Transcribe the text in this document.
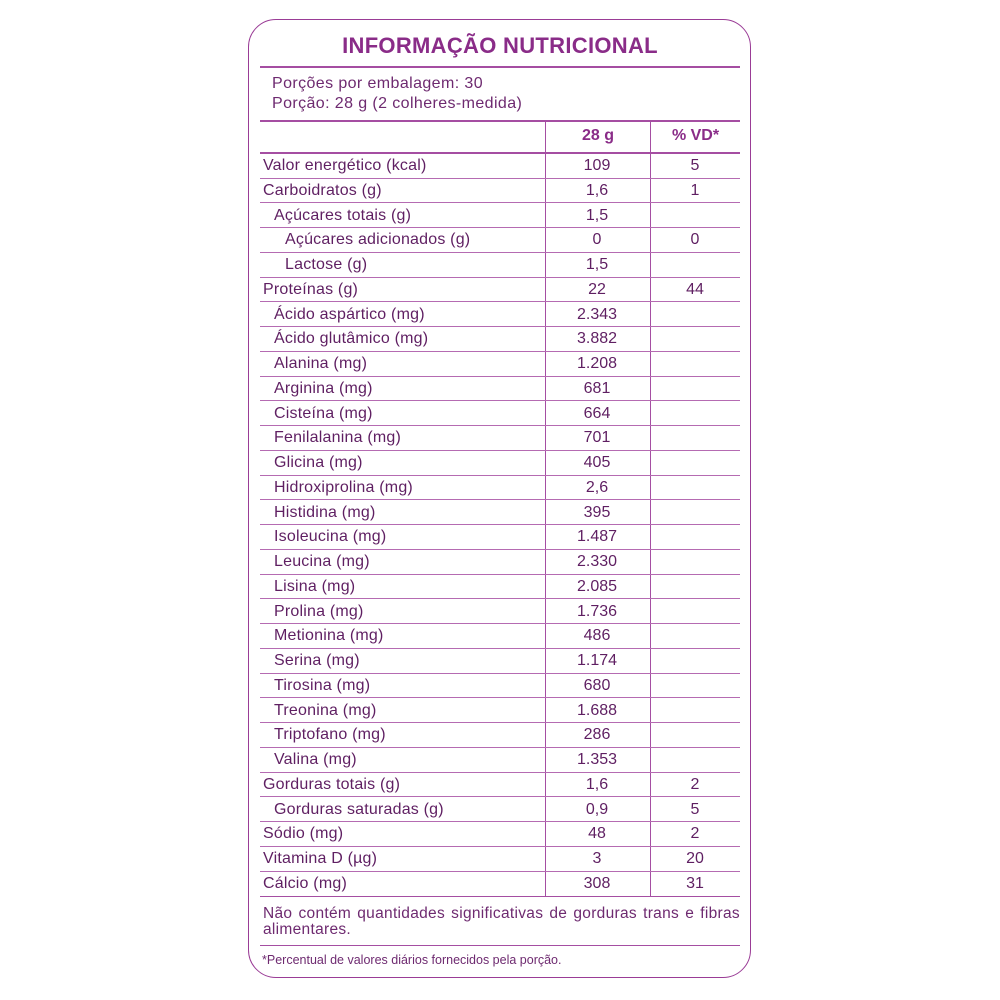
INFORMAÇÃO NUTRICIONAL
Porções por embalagem: 30
Porção: 28 g (2 colheres-medida)
28 g	% VD*
Valor energético (kcal)	109	5
Carboidratos (g)	1,6	1
Açúcares totais (g)	1,5
Açúcares adicionados (g)	0	0
Lactose (g)	1,5
Proteínas (g)	22	44
Ácido aspártico (mg)	2.343
Ácido glutâmico (mg)	3.882
Alanina (mg)	1.208
Arginina (mg)	681
Cisteína (mg)	664
Fenilalanina (mg)	701
Glicina (mg)	405
Hidroxiprolina (mg)	2,6
Histidina (mg)	395
Isoleucina (mg)	1.487
Leucina (mg)	2.330
Lisina (mg)	2.085
Prolina (mg)	1.736
Metionina (mg)	486
Serina (mg)	1.174
Tirosina (mg)	680
Treonina (mg)	1.688
Triptofano (mg)	286
Valina (mg)	1.353
Gorduras totais (g)	1,6	2
Gorduras saturadas (g)	0,9	5
Sódio (mg)	48	2
Vitamina D (µg)	3	20
Cálcio (mg)	308	31
Não contém quantidades significativas de gorduras trans e fibras alimentares.
*Percentual de valores diários fornecidos pela porção.
